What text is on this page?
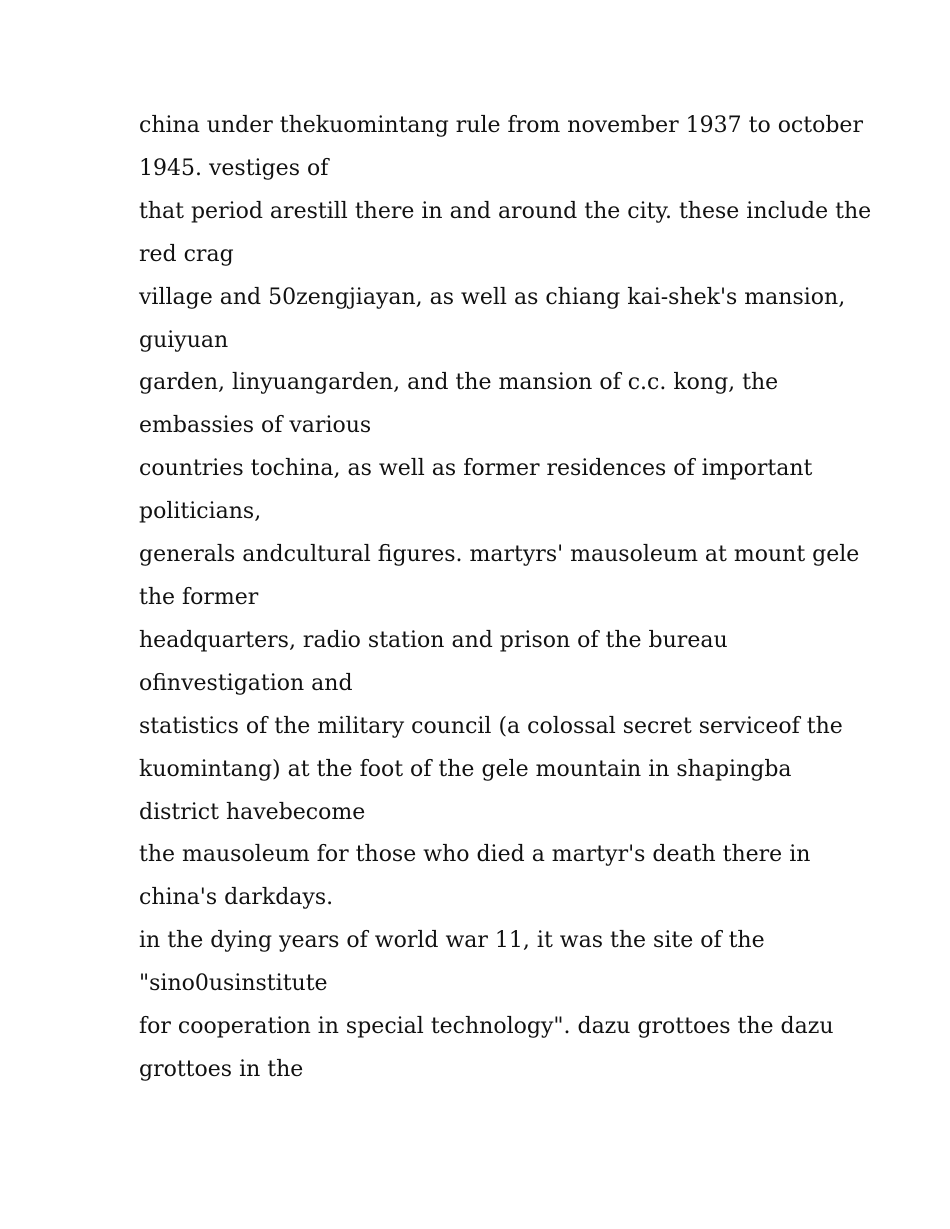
china under thekuomintang rule from november 1937 to october
1945. vestiges of
that period arestill there in and around the city. these include the
red crag
village and 50zengjiayan, as well as chiang kai-shek's mansion,
guiyuan
garden, linyuangarden, and the mansion of c.c. kong, the
embassies of various
countries tochina, as well as former residences of important
politicians,
generals andcultural figures. martyrs' mausoleum at mount gele
the former
headquarters, radio station and prison of the bureau
ofinvestigation and
statistics of the military council (a colossal secret serviceof the
kuomintang) at the foot of the gele mountain in shapingba
district havebecome
the mausoleum for those who died a martyr's death there in
china's darkdays.
in the dying years of world war 11, it was the site of the
"sino0usinstitute
for cooperation in special technology". dazu grottoes the dazu
grottoes in the
